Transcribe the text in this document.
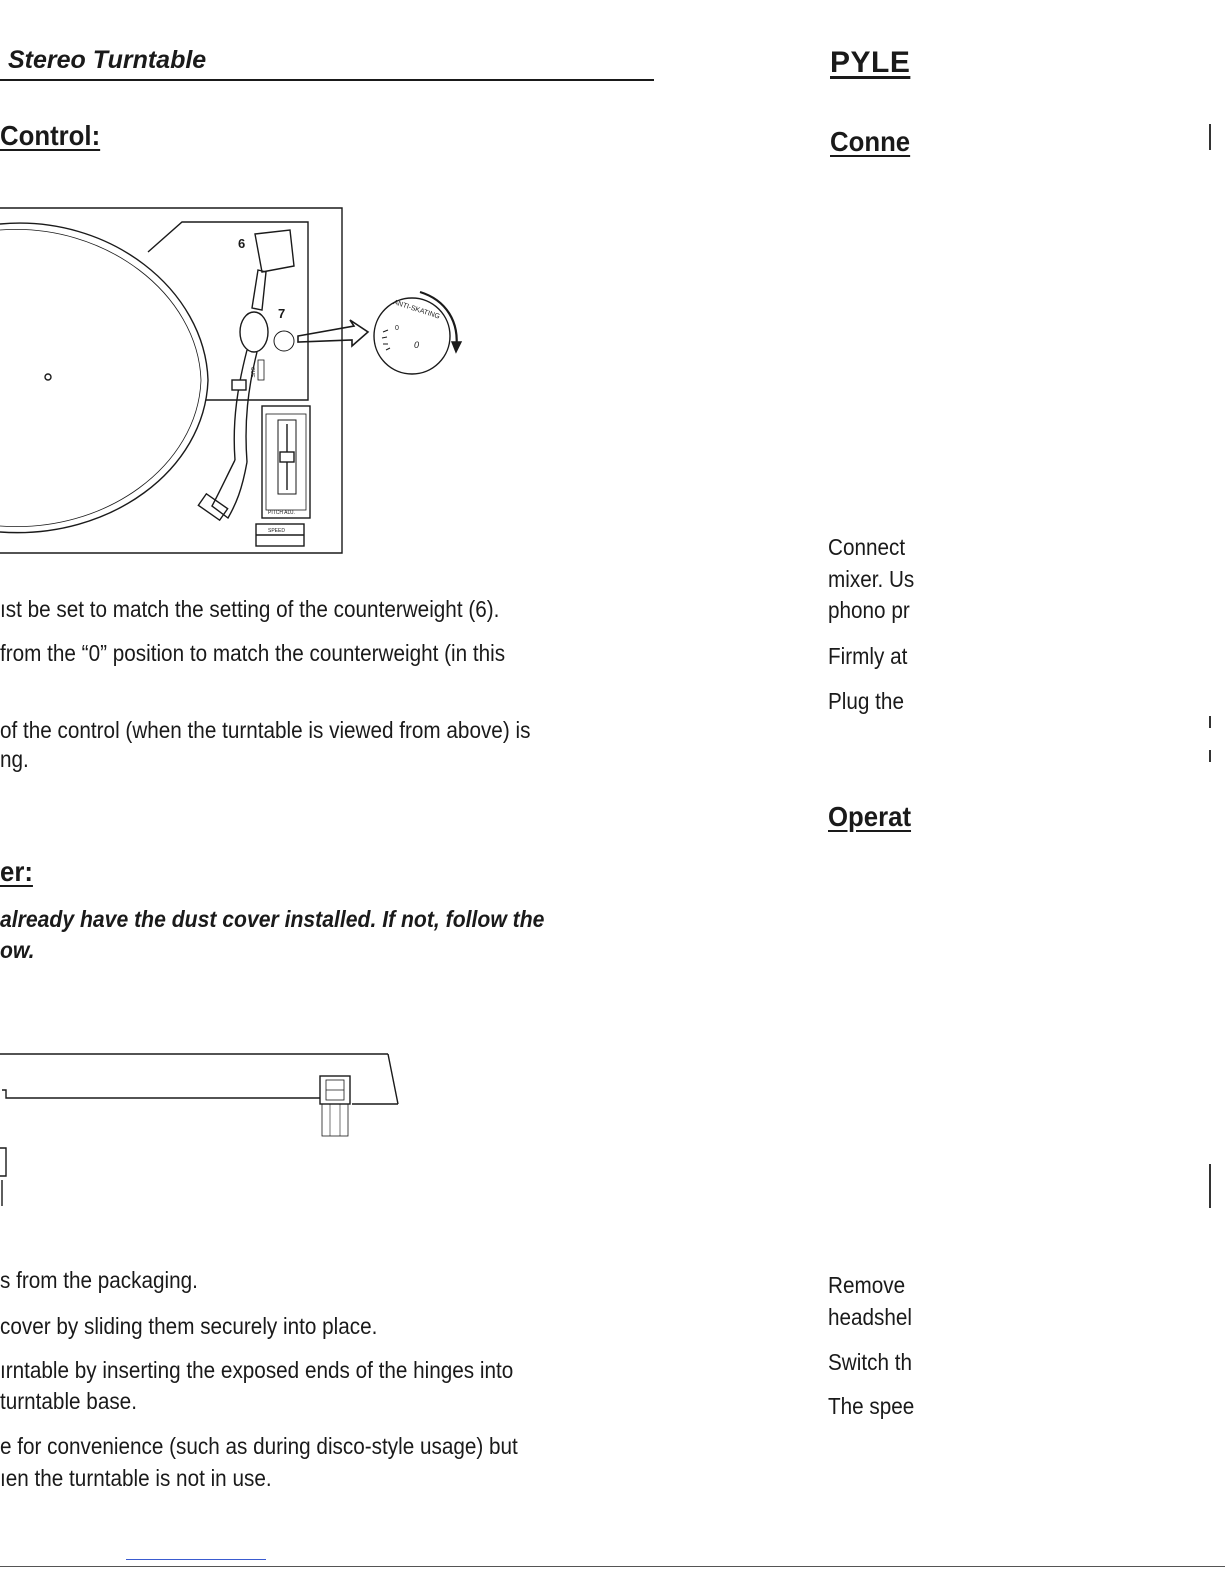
Stereo Turntable
Control:
6
7	ANTI-SKATING
0
0
PITCH ADJ.
SPEED
CUE
ıst be set to match the setting of the counterweight (6).
from the “0” position to match the counterweight (in this
of the control (when the turntable is viewed from above) is
ng.
er:
already have the dust cover installed. If not, follow the
ow.
s from the packaging.
cover by sliding them securely into place.
ırntable by inserting the exposed ends of the hinges into
turntable base.
e for convenience (such as during disco-style usage) but
ıen the turntable is not in use.
PYLE
Conne
Connect
mixer. Us
phono pr
Firmly at
Plug the
Operat
Remove
headshel
Switch th
The spee
